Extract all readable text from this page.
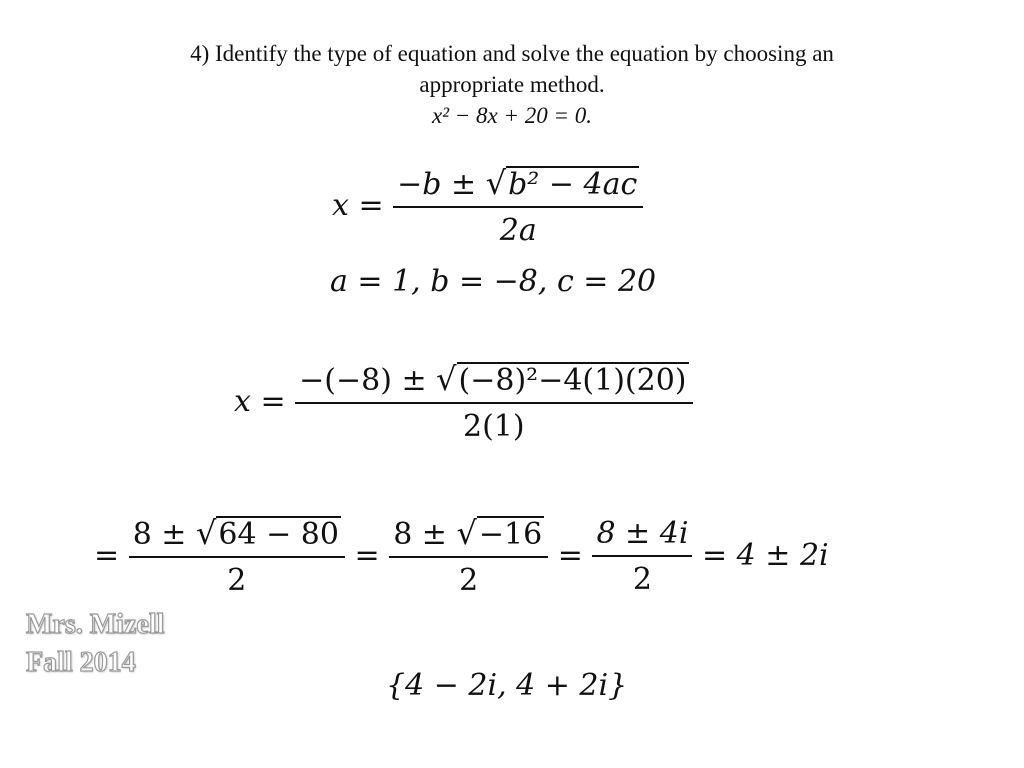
4) Identify the type of equation and solve the equation by choosing an
appropriate method.
x² − 8x + 20 = 0.
$x = \frac{\text{−b ± √b² − 4ac}}{2a}$
a = 1, b = −8, c = 20
$x = \frac{\text{−(−8) ± √(−8)²−4(1)(20)}}{2(1)}$
= $\frac{8 \pm √64 - 80}{2} = \frac{8 \pm √-16}{2} = \frac{8 \pm 4i}{2} = 4 \pm 2i$
{4 − 2i, 4 + 2i}
Mrs. Mizell
Fall 2014
